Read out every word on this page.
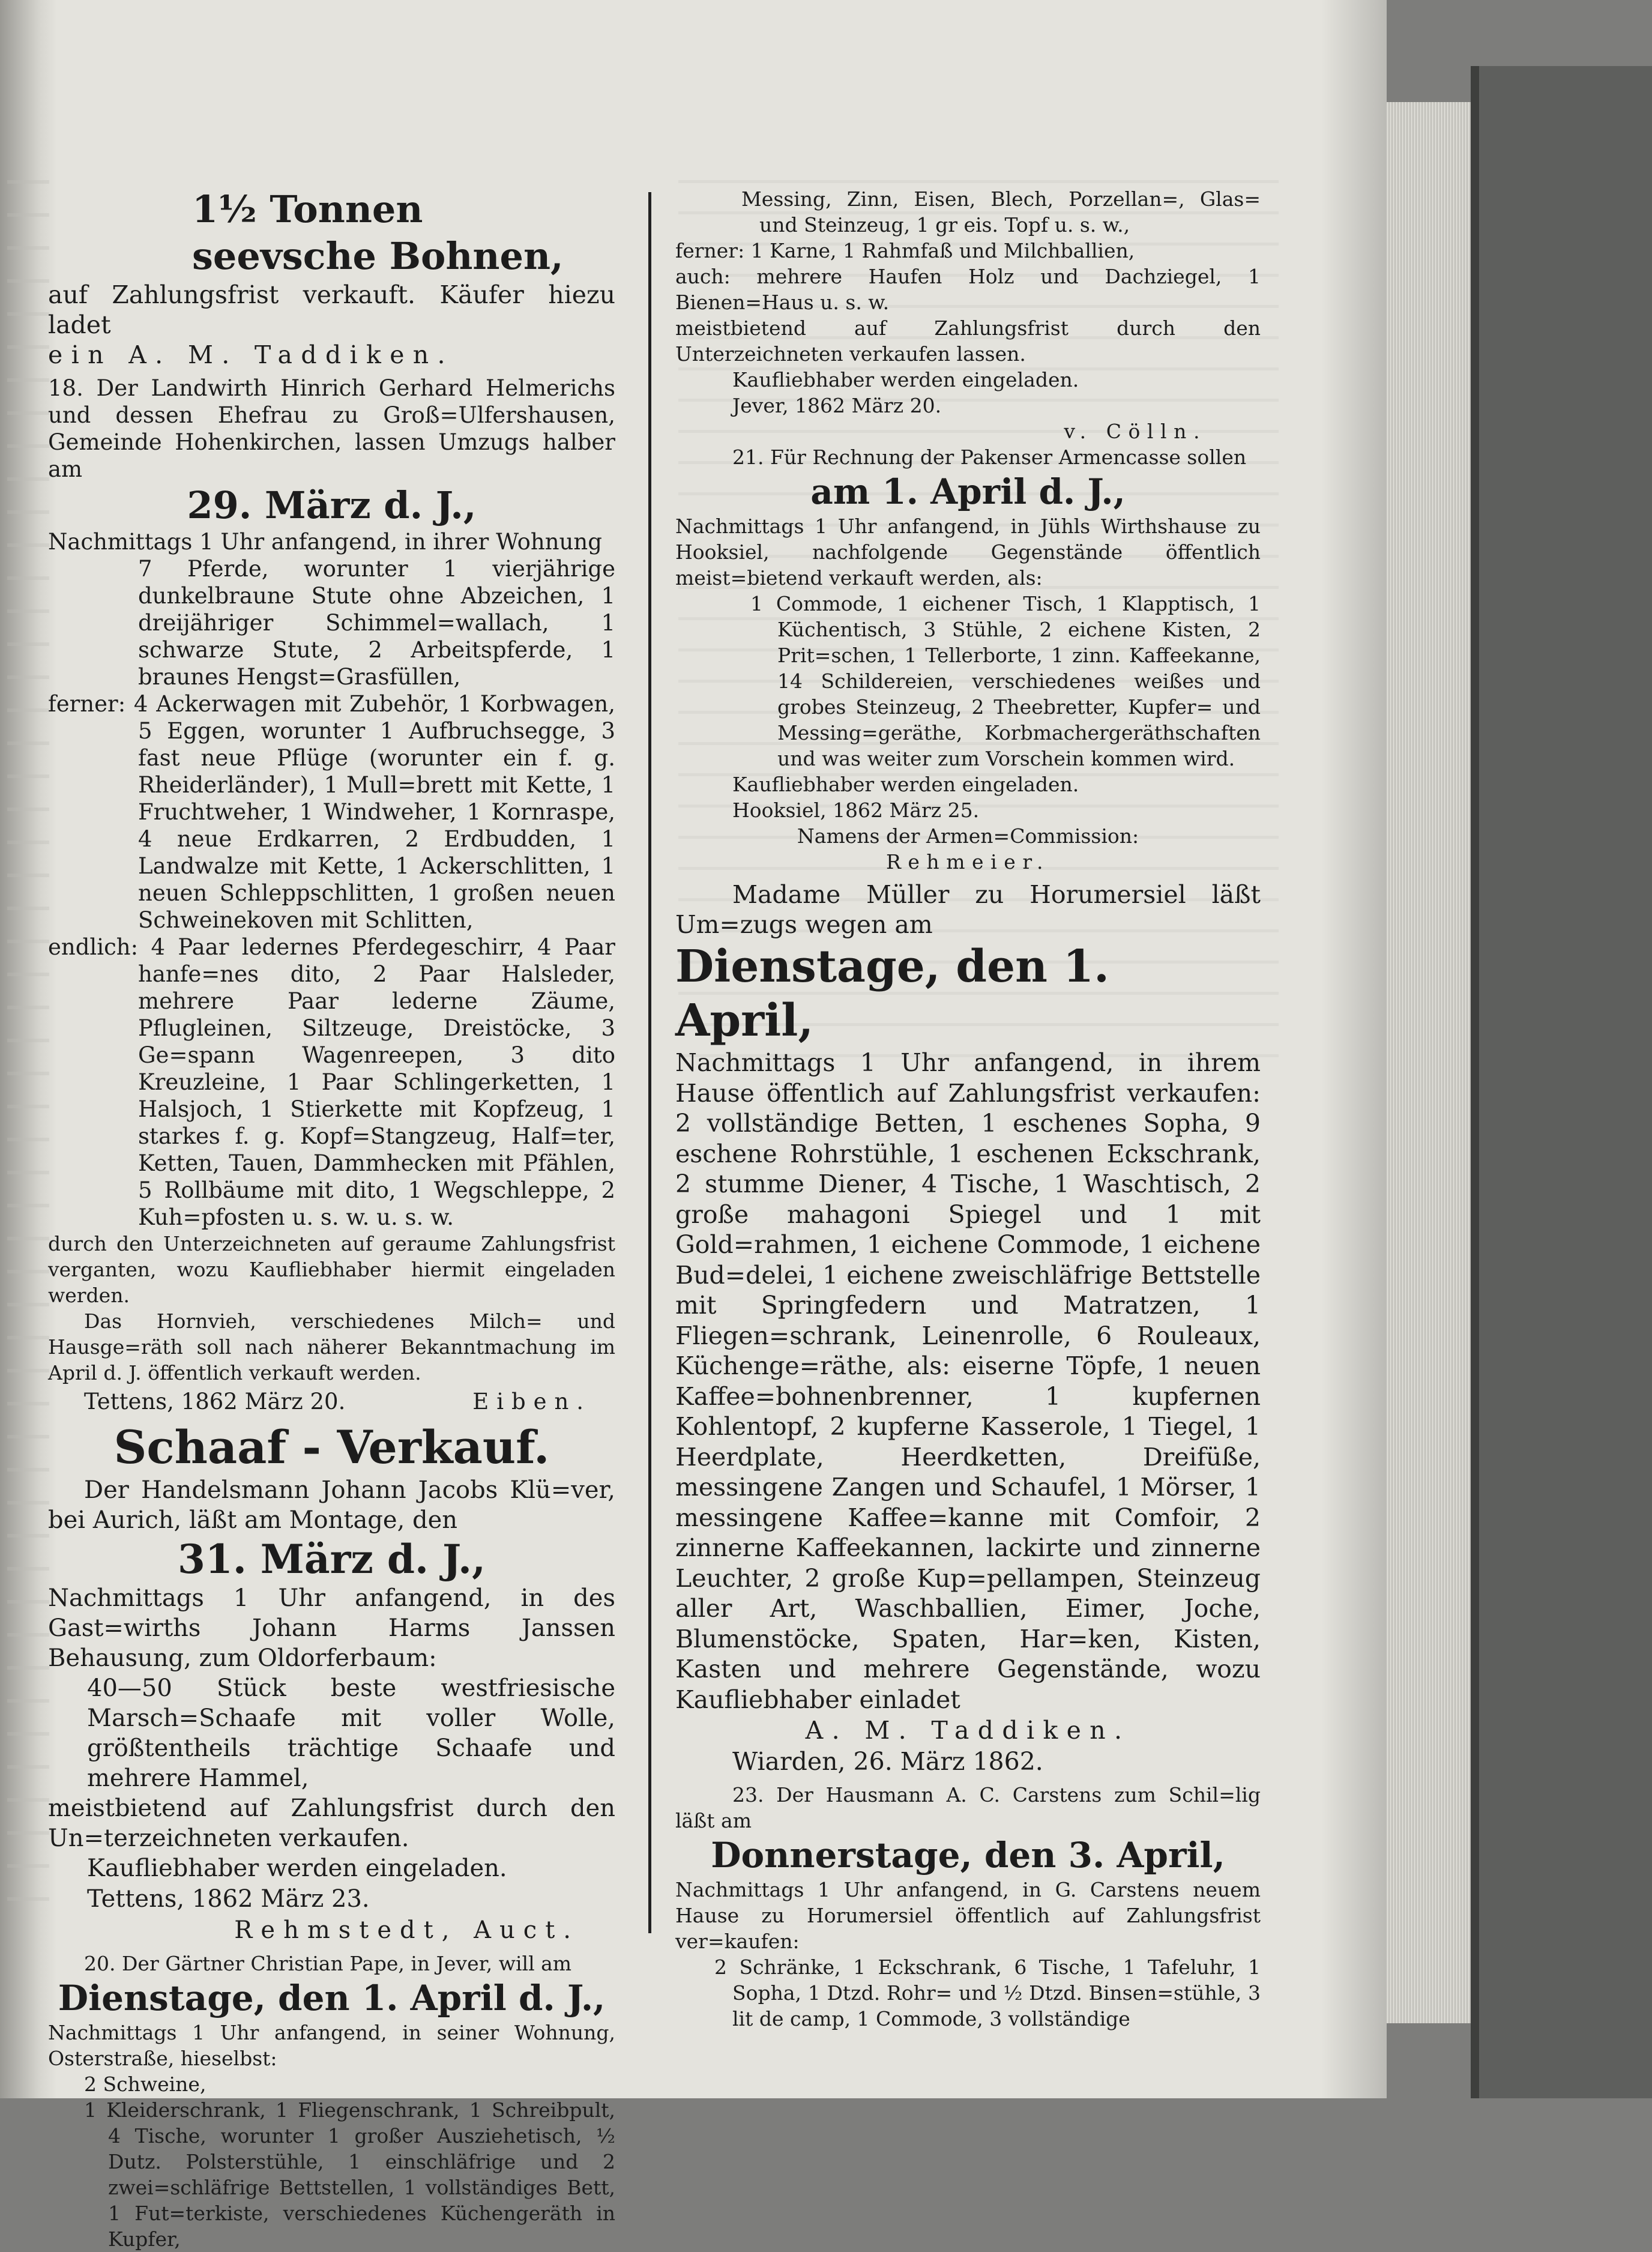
1½ Tonnen seevsche Bohnen,

auf Zahlungsfrist verkauft. Käufer hiezu ladet

ein A. M. Taddiken.

18. Der Landwirth Hinrich Gerhard Helmerichs und dessen Ehefrau zu Groß=Ulfershausen, Gemeinde Hohenkirchen, lassen Umzugs halber am

29. März d. J.,

Nachmittags 1 Uhr anfangend, in ihrer Wohnung

7 Pferde, worunter 1 vierjährige dunkelbraune Stute ohne Abzeichen, 1 dreijähriger Schimmel=wallach, 1 schwarze Stute, 2 Arbeitspferde, 1 braunes Hengst=Grasfüllen,

ferner: 4 Ackerwagen mit Zubehör, 1 Korbwagen, 5 Eggen, worunter 1 Aufbruchsegge, 3 fast neue Pflüge (worunter ein f. g. Rheiderländer), 1 Mull=brett mit Kette, 1 Fruchtweher, 1 Windweher, 1 Kornraspe, 4 neue Erdkarren, 2 Erdbudden, 1 Landwalze mit Kette, 1 Ackerschlitten, 1 neuen Schleppschlitten, 1 großen neuen Schweinekoven mit Schlitten,

endlich: 4 Paar ledernes Pferdegeschirr, 4 Paar hanfe=nes dito, 2 Paar Halsleder, mehrere Paar lederne Zäume, Pflugleinen, Siltzeuge, Dreistöcke, 3 Ge=spann Wagenreepen, 3 dito Kreuzleine, 1 Paar Schlingerketten, 1 Halsjoch, 1 Stierkette mit Kopfzeug, 1 starkes f. g. Kopf=Stangzeug, Half=ter, Ketten, Tauen, Dammhecken mit Pfählen, 5 Rollbäume mit dito, 1 Wegschleppe, 2 Kuh=pfosten u. s. w. u. s. w.

durch den Unterzeichneten auf geraume Zahlungsfrist verganten, wozu Kaufliebhaber hiermit eingeladen werden.

Das Hornvieh, verschiedenes Milch= und Hausge=räth soll nach näherer Bekanntmachung im April d. J. öffentlich verkauft werden.

Tettens, 1862 März 20.	Eiben.

Schaaf - Verkauf.

Der Handelsmann Johann Jacobs Klü=ver, bei Aurich, läßt am Montage, den

31. März d. J.,

Nachmittags 1 Uhr anfangend, in des Gast=wirths Johann Harms Janssen Behausung, zum Oldorferbaum:

40—50 Stück beste westfriesische Marsch=Schaafe mit voller Wolle, größtentheils trächtige Schaafe und mehrere Hammel,

meistbietend auf Zahlungsfrist durch den Un=terzeichneten verkaufen.

Kaufliebhaber werden eingeladen.

Tettens, 1862 März 23.

Rehmstedt, Auct.

20. Der Gärtner Christian Pape, in Jever, will am

Dienstage, den 1. April d. J.,

Nachmittags 1 Uhr anfangend, in seiner Wohnung, Osterstraße, hieselbst:

2 Schweine,

1 Kleiderschrank, 1 Fliegenschrank, 1 Schreibpult, 4 Tische, worunter 1 großer Ausziehetisch, ½ Dutz. Polsterstühle, 1 einschläfrige und 2 zwei=schläfrige Bettstellen, 1 vollständiges Bett, 1 Fut=terkiste, verschiedenes Küchengeräth in Kupfer,

Messing, Zinn, Eisen, Blech, Porzellan=, Glas= und Steinzeug, 1 gr eis. Topf u. s. w.,

ferner: 1 Karne, 1 Rahmfaß und Milchballien,

auch: mehrere Haufen Holz und Dachziegel, 1 Bienen=Haus u. s. w.

meistbietend auf Zahlungsfrist durch den Unterzeichneten verkaufen lassen.

Kaufliebhaber werden eingeladen.

Jever, 1862 März 20.

v. Cölln.

21. Für Rechnung der Pakenser Armencasse sollen

am 1. April d. J.,

Nachmittags 1 Uhr anfangend, in Jühls Wirthshause zu Hooksiel, nachfolgende Gegenstände öffentlich meist=bietend verkauft werden, als:

1 Commode, 1 eichener Tisch, 1 Klapptisch, 1 Küchentisch, 3 Stühle, 2 eichene Kisten, 2 Prit=schen, 1 Tellerborte, 1 zinn. Kaffeekanne, 14 Schildereien, verschiedenes weißes und grobes Steinzeug, 2 Theebretter, Kupfer= und Messing=geräthe, Korbmachergeräthschaften und was weiter zum Vorschein kommen wird.

Kaufliebhaber werden eingeladen.

Hooksiel, 1862 März 25.

Namens der Armen=Commission:

Rehmeier.

Madame Müller zu Horumersiel läßt Um=zugs wegen am

Dienstage, den 1. April,

Nachmittags 1 Uhr anfangend, in ihrem Hause öffentlich auf Zahlungsfrist verkaufen: 2 vollständige Betten, 1 eschenes Sopha, 9 eschene Rohrstühle, 1 eschenen Eckschrank, 2 stumme Diener, 4 Tische, 1 Waschtisch, 2 große mahagoni Spiegel und 1 mit Gold=rahmen, 1 eichene Commode, 1 eichene Bud=delei, 1 eichene zweischläfrige Bettstelle mit Springfedern und Matratzen, 1 Fliegen=schrank, Leinenrolle, 6 Rouleaux, Küchenge=räthe, als: eiserne Töpfe, 1 neuen Kaffee=bohnenbrenner, 1 kupfernen Kohlentopf, 2 kupferne Kasserole, 1 Tiegel, 1 Heerdplate, Heerdketten, Dreifüße, messingene Zangen und Schaufel, 1 Mörser, 1 messingene Kaffee=kanne mit Comfoir, 2 zinnerne Kaffeekannen, lackirte und zinnerne Leuchter, 2 große Kup=pellampen, Steinzeug aller Art, Waschballien, Eimer, Joche, Blumenstöcke, Spaten, Har=ken, Kisten, Kasten und mehrere Gegenstände, wozu Kaufliebhaber einladet

A. M. Taddiken.

Wiarden, 26. März 1862.

23. Der Hausmann A. C. Carstens zum Schil=lig läßt am

Donnerstage, den 3. April,

Nachmittags 1 Uhr anfangend, in G. Carstens neuem Hause zu Horumersiel öffentlich auf Zahlungsfrist ver=kaufen:

2 Schränke, 1 Eckschrank, 6 Tische, 1 Tafeluhr, 1 Sopha, 1 Dtzd. Rohr= und ½ Dtzd. Binsen=stühle, 3 lit de camp, 1 Commode, 3 vollständige
